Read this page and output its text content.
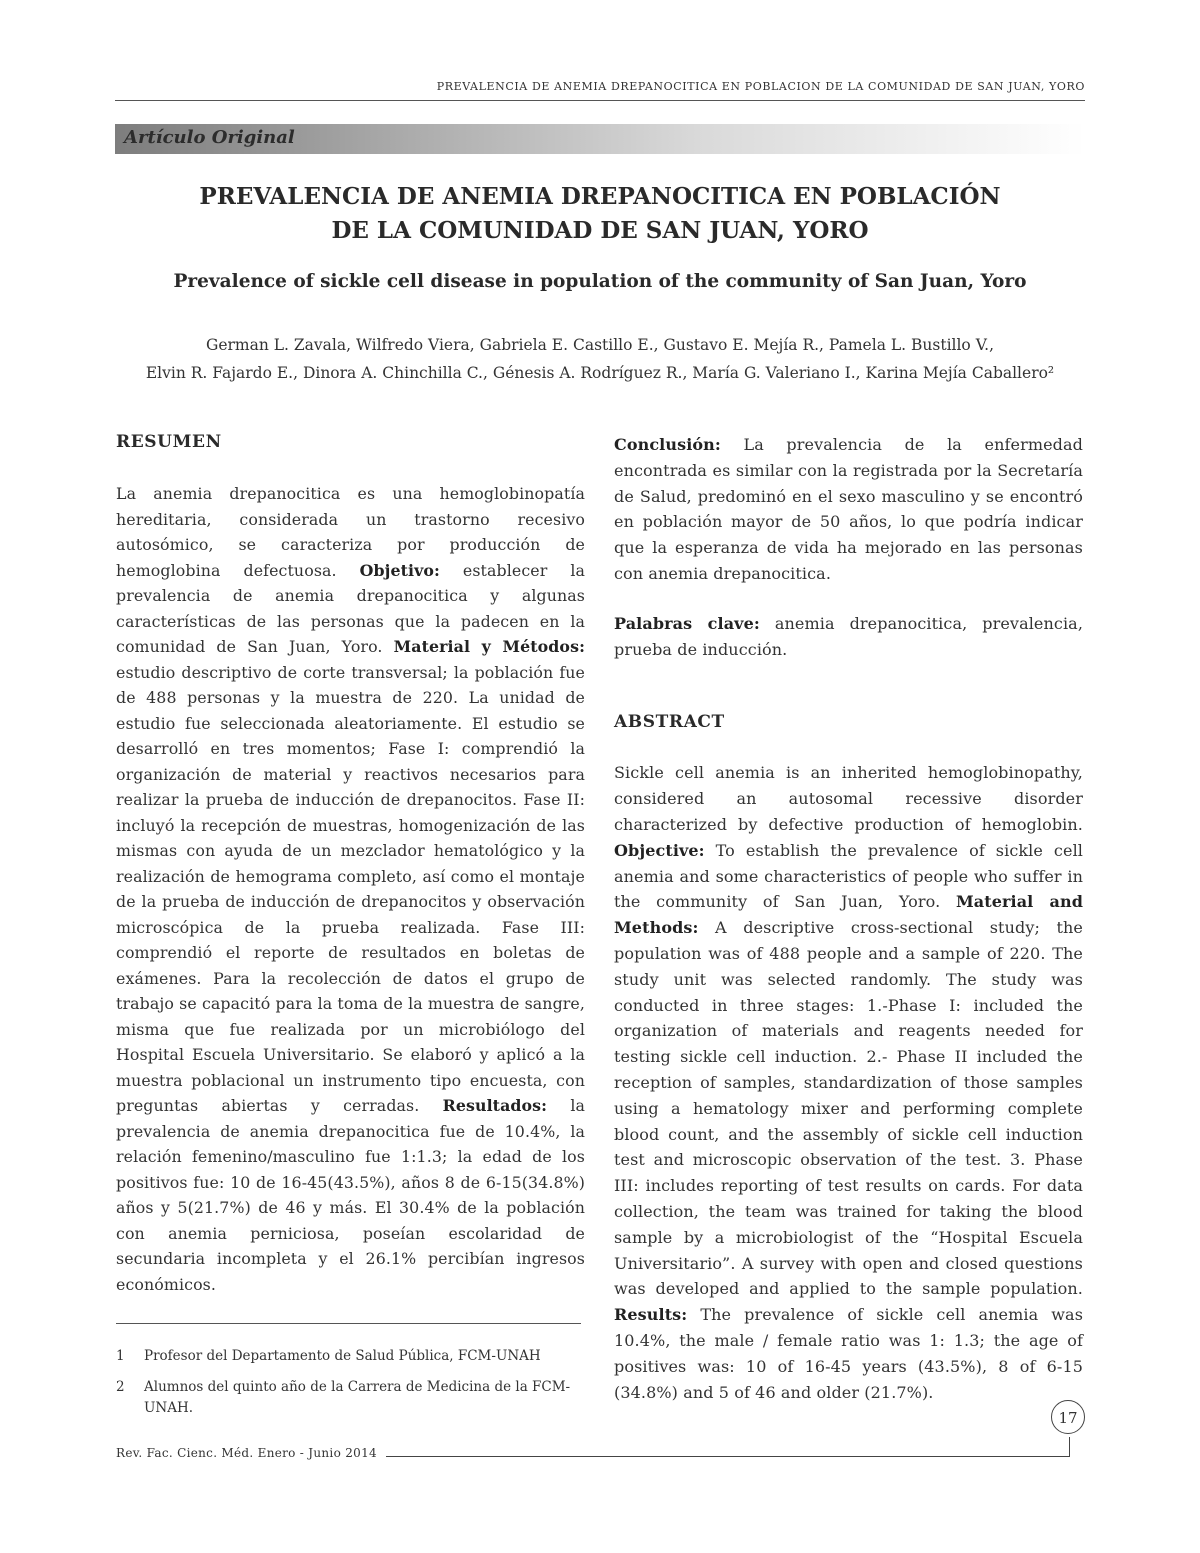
PREVALENCIA DE ANEMIA DREPANOCITICA EN POBLACION DE LA COMUNIDAD DE SAN JUAN, YORO
Artículo Original
PREVALENCIA DE ANEMIA DREPANOCITICA EN POBLACIÓN
DE LA COMUNIDAD DE SAN JUAN, YORO

Prevalence of sickle cell disease in population of the community of San Juan, Yoro

German L. Zavala, Wilfredo Viera, Gabriela E. Castillo E., Gustavo E. Mejía R., Pamela L. Bustillo V.,
Elvin R. Fajardo E., Dinora A. Chinchilla C., Génesis A. Rodríguez R., María G. Valeriano I., Karina Mejía Caballero²

RESUMEN

La anemia drepanocitica es una hemoglobinopatía hereditaria, considerada un trastorno recesivo autosómico, se caracteriza por producción de hemoglobina defectuosa. Objetivo: establecer la prevalencia de anemia drepanocitica y algunas características de las personas que la padecen en la comunidad de San Juan, Yoro. Material y Métodos: estudio descriptivo de corte transversal; la población fue de 488 personas y la muestra de 220. La unidad de estudio fue seleccionada aleatoriamente. El estudio se desarrolló en tres momentos; Fase I: comprendió la organización de material y reactivos necesarios para realizar la prueba de inducción de drepanocitos. Fase II: incluyó la recepción de muestras, homogenización de las mismas con ayuda de un mezclador hematológico y la realización de hemograma completo, así como el montaje de la prueba de inducción de drepanocitos y observación microscópica de la prueba realizada. Fase III: comprendió el reporte de resultados en boletas de exámenes. Para la recolección de datos el grupo de trabajo se capacitó para la toma de la muestra de sangre, misma que fue realizada por un microbiólogo del Hospital Escuela Universitario. Se elaboró y aplicó a la muestra poblacional un instrumento tipo encuesta, con preguntas abiertas y cerradas. Resultados: la prevalencia de anemia drepanocitica fue de 10.4%, la relación femenino/masculino fue 1:1.3; la edad de los positivos fue: 10 de 16-45(43.5%), años 8 de 6-15(34.8%) años y 5(21.7%) de 46 y más. El 30.4% de la población con anemia perniciosa, poseían escolaridad de secundaria incompleta y el 26.1% percibían ingresos económicos.

1 Profesor del Departamento de Salud Pública, FCM-UNAH
2 Alumnos del quinto año de la Carrera de Medicina de la FCM-UNAH.

Conclusión: La prevalencia de la enfermedad encontrada es similar con la registrada por la Secretaría de Salud, predominó en el sexo masculino y se encontró en población mayor de 50 años, lo que podría indicar que la esperanza de vida ha mejorado en las personas con anemia drepanocitica.

Palabras clave: anemia drepanocitica, prevalencia, prueba de inducción.

ABSTRACT

Sickle cell anemia is an inherited hemoglobinopathy, considered an autosomal recessive disorder characterized by defective production of hemoglobin. Objective: To establish the prevalence of sickle cell anemia and some characteristics of people who suffer in the community of San Juan, Yoro. Material and Methods: A descriptive cross-sectional study; the population was of 488 people and a sample of 220. The study unit was selected randomly. The study was conducted in three stages: 1.-Phase I: included the organization of materials and reagents needed for testing sickle cell induction. 2.- Phase II included the reception of samples, standardization of those samples using a hematology mixer and performing complete blood count, and the assembly of sickle cell induction test and microscopic observation of the test. 3. Phase III: includes reporting of test results on cards. For data collection, the team was trained for taking the blood sample by a microbiologist of the “Hospital Escuela Universitario”. A survey with open and closed questions was developed and applied to the sample population. Results: The prevalence of sickle cell anemia was 10.4%, the male / female ratio was 1: 1.3; the age of positives was: 10 of 16-45 years (43.5%), 8 of 6-15 (34.8%) and 5 of 46 and older (21.7%).

17
Rev. Fac. Cienc. Méd. Enero - Junio 2014
